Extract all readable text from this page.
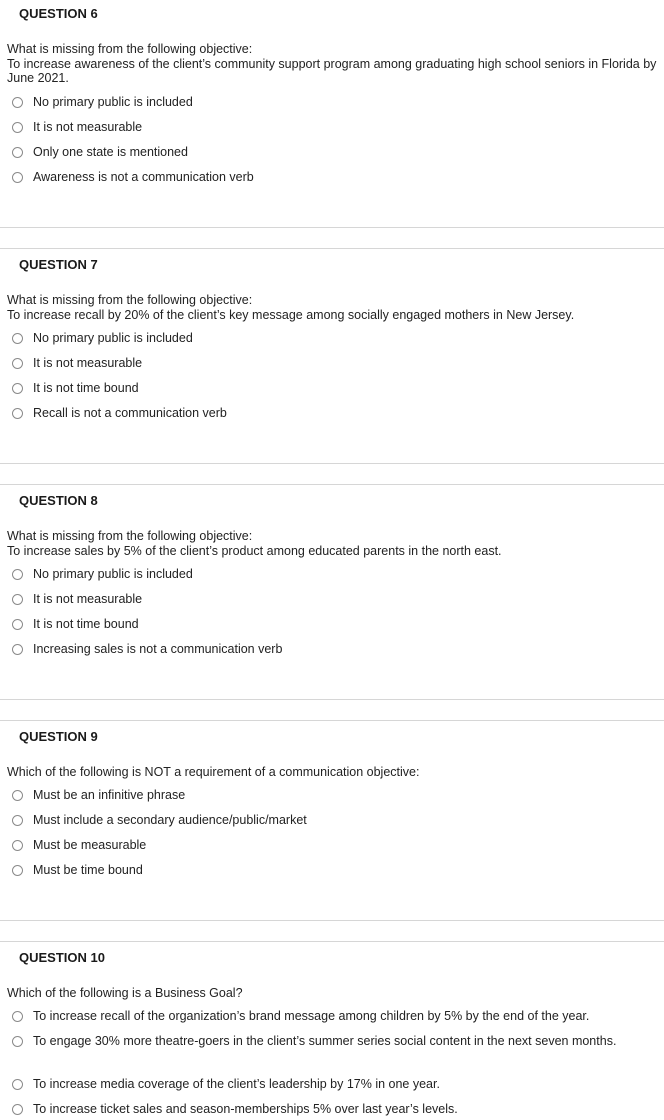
QUESTION 6
What is missing from the following objective:
To increase awareness of the client’s community support program among graduating high school seniors in Florida by June 2021.
No primary public is included
It is not measurable
Only one state is mentioned
Awareness is not a communication verb
QUESTION 7
What is missing from the following objective:
To increase recall by 20% of the client’s key message among socially engaged mothers in New Jersey.
No primary public is included
It is not measurable
It is not time bound
Recall is not a communication verb
QUESTION 8
What is missing from the following objective:
To increase sales by 5% of the client’s product among educated parents in the north east.
No primary public is included
It is not measurable
It is not time bound
Increasing sales is not a communication verb
QUESTION 9
Which of the following is NOT a requirement of a communication objective:
Must be an infinitive phrase
Must include a secondary audience/public/market
Must be measurable
Must be time bound
QUESTION 10
Which of the following is a Business Goal?
To increase recall of the organization’s brand message among children by 5% by the end of the year.
To engage 30% more theatre-goers in the client’s summer series social content in the next seven months.
To increase media coverage of the client’s leadership by 17% in one year.
To increase ticket sales and season-memberships 5% over last year’s levels.
